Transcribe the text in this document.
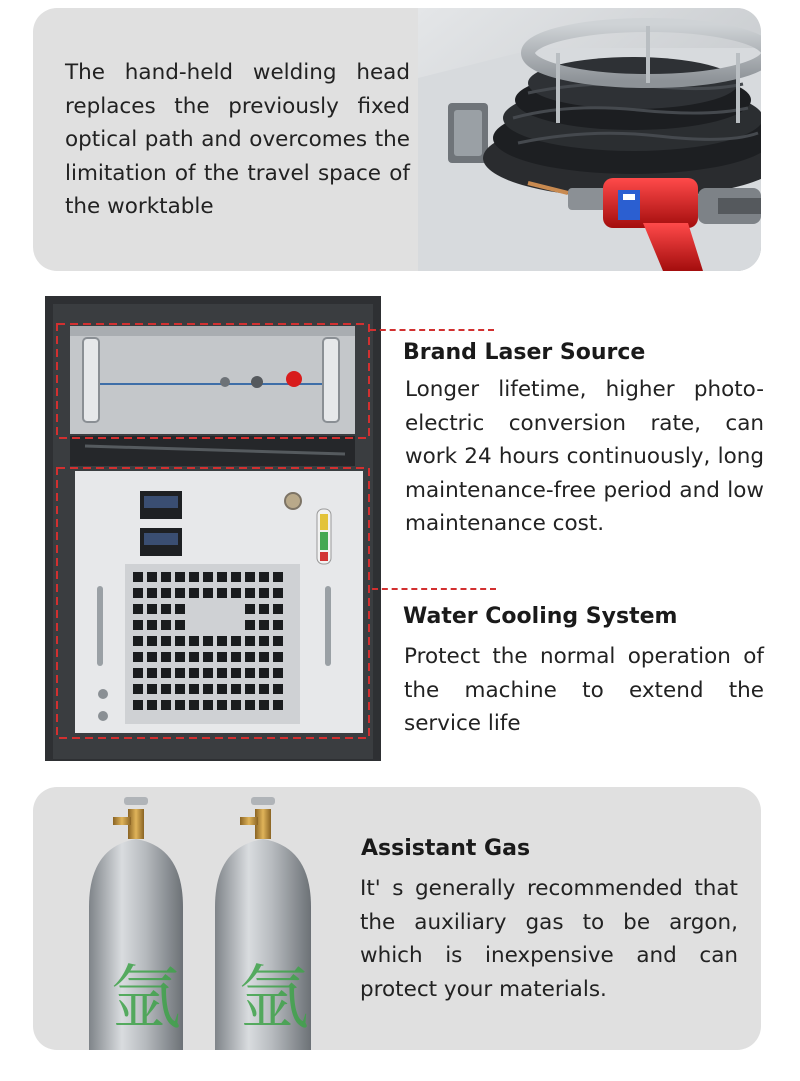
The hand-held welding head replaces the previously fixed optical path and overcomes the limitation of the travel space of the worktable

Brand Laser Source

Longer lifetime, higher photo-electric conversion rate, can work 24 hours continuously, long maintenance-free period and low maintenance cost.

Water Cooling System

Protect the normal operation of the machine to extend the service life

氩 氩
Assistant Gas

It' s generally recommended that the auxiliary gas to be argon, which is inexpensive and can protect your materials.
